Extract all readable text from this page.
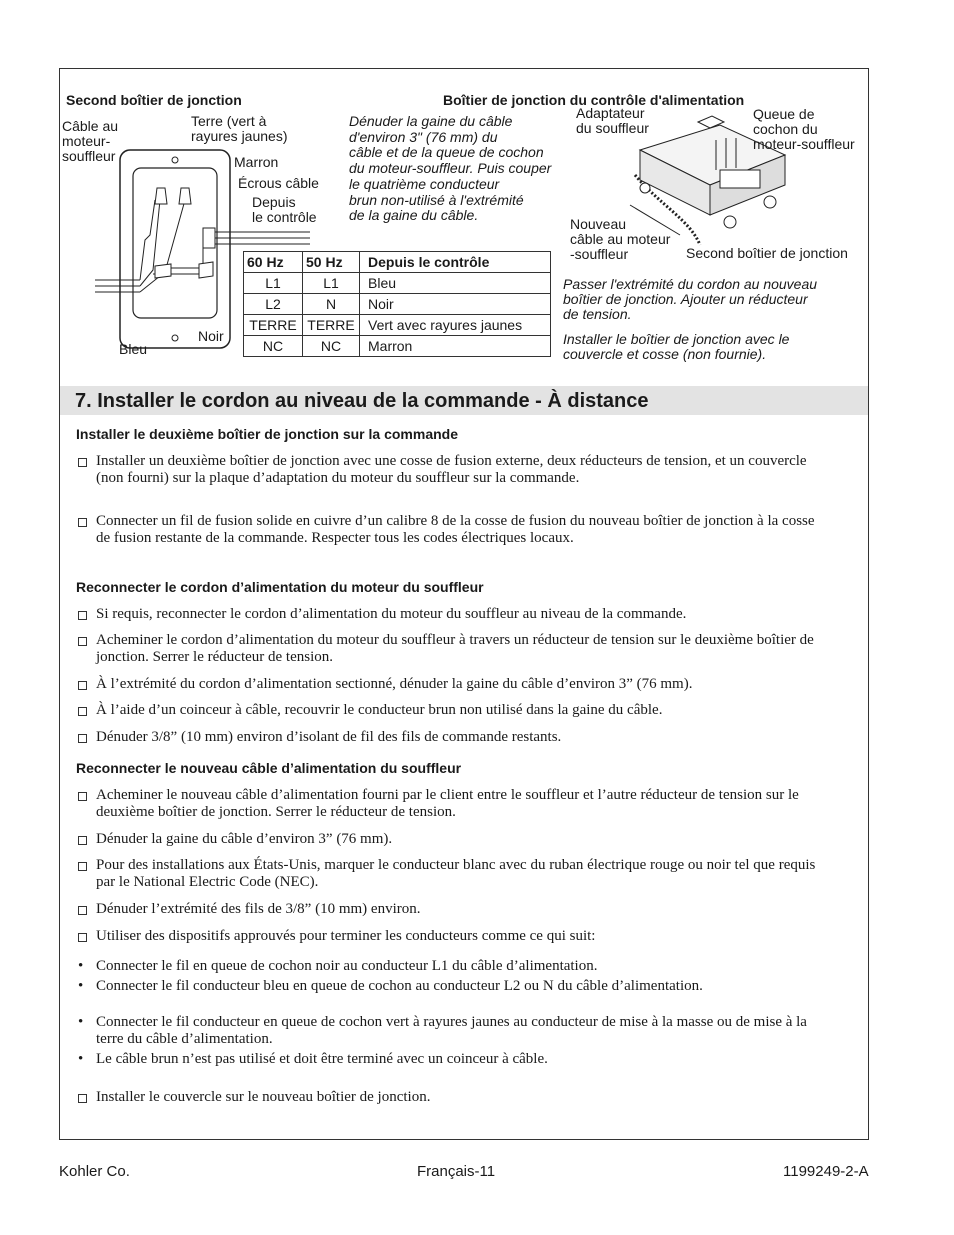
Second boîtier de jonction	Boîtier de jonction du contrôle d'alimentation
Câble au
moteur-
souffleur
Terre (vert à
rayures jaunes)
Marron
Écrous câble
Depuis
le contrôle
Bleu
Noir
Dénuder la gaine du câble
d'environ 3" (76 mm) du
câble et de la queue de cochon
du moteur-souffleur. Puis couper
le quatrième conducteur
brun non-utilisé à l'extrémité
de la gaine du câble.
Adaptateur
du souffleur
Queue de
cochon du
moteur-souffleur
Nouveau
câble au moteur
-souffleur	Second boîtier de jonction
Passer l'extrémité du cordon au nouveau
boîtier de jonction. Ajouter un réducteur
de tension.
Installer le boîtier de jonction avec le
couvercle et cosse (non fournie).
60 Hz	50 Hz	Depuis le contrôle
L1	L1	Bleu
L2	N	Noir
TERRE	TERRE	Vert avec rayures jaunes
NC	NC	Marron
7. Installer le cordon au niveau de la commande - À distance
Installer le deuxième boîtier de jonction sur la commande
Installer un deuxième boîtier de jonction avec une cosse de fusion externe, deux réducteurs de tension, et un couvercle (non fourni) sur la plaque d’adaptation du moteur du souffleur sur la commande.
Connecter un fil de fusion solide en cuivre d’un calibre 8 de la cosse de fusion du nouveau boîtier de jonction à la cosse de fusion restante de la commande. Respecter tous les codes électriques locaux.
Reconnecter le cordon d’alimentation du moteur du souffleur
Si requis, reconnecter le cordon d’alimentation du moteur du souffleur au niveau de la commande.
Acheminer le cordon d’alimentation du moteur du souffleur à travers un réducteur de tension sur le deuxième boîtier de jonction. Serrer le réducteur de tension.
À l’extrémité du cordon d’alimentation sectionné, dénuder la gaine du câble d’environ 3” (76 mm).
À l’aide d’un coinceur à câble, recouvrir le conducteur brun non utilisé dans la gaine du câble.
Dénuder 3/8” (10 mm) environ d’isolant de fil des fils de commande restants.
Reconnecter le nouveau câble d’alimentation du souffleur
Acheminer le nouveau câble d’alimentation fourni par le client entre le souffleur et l’autre réducteur de tension sur le deuxième boîtier de jonction. Serrer le réducteur de tension.
Dénuder la gaine du câble d’environ 3” (76 mm).
Pour des installations aux États-Unis, marquer le conducteur blanc avec du ruban électrique rouge ou noir tel que requis par le National Electric Code (NEC).
Dénuder l’extrémité des fils de 3/8” (10 mm) environ.
Utiliser des dispositifs approuvés pour terminer les conducteurs comme ce qui suit:
• Connecter le fil en queue de cochon noir au conducteur L1 du câble d’alimentation.
• Connecter le fil conducteur bleu en queue de cochon au conducteur L2 ou N du câble d’alimentation.
• Connecter le fil conducteur en queue de cochon vert à rayures jaunes au conducteur de mise à la masse ou de mise à la terre du câble d’alimentation.
• Le câble brun n’est pas utilisé et doit être terminé avec un coinceur à câble.
Installer le couvercle sur le nouveau boîtier de jonction.
Kohler Co.	Français-11	1199249-2-A
